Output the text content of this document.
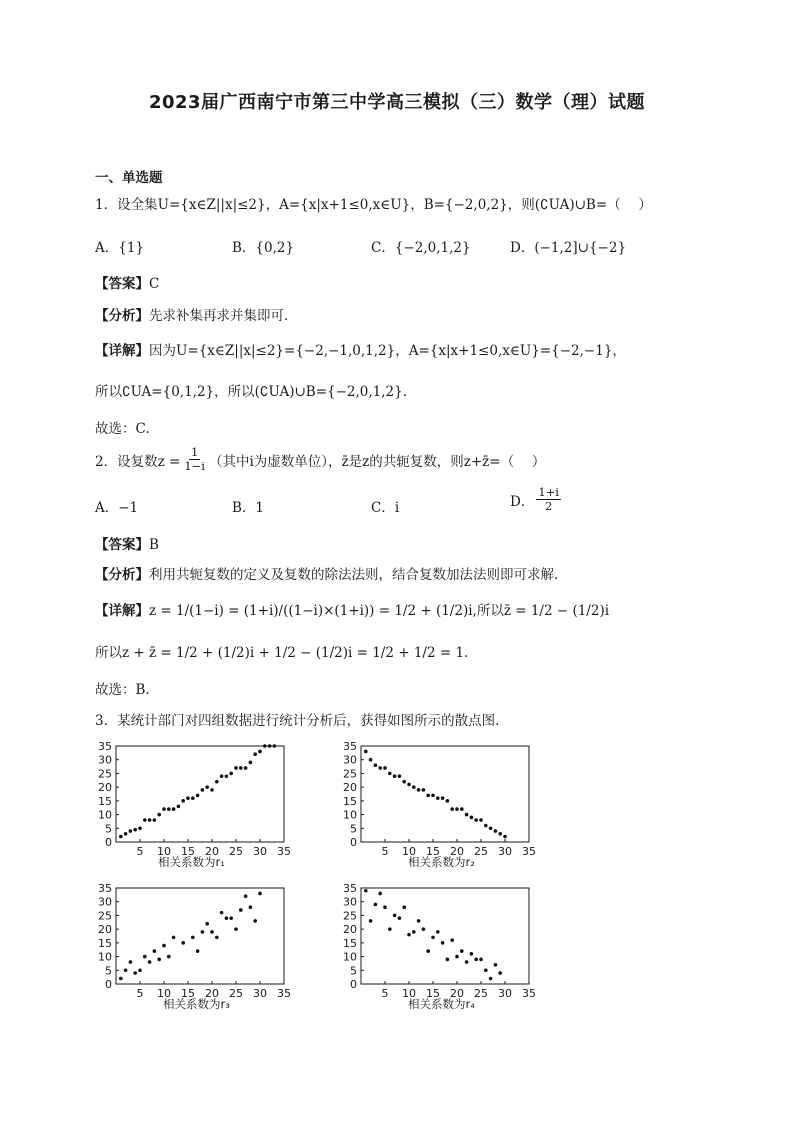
2023届广西南宁市第三中学高三模拟（三）数学（理）试题
一、单选题
1．设全集U={x∈Z||x|≤2}，A={x|x+1≤0,x∈U}，B={−2,0,2}，则(∁UA)∪B=（　 ）
A．{1}	B．{0,2}	C．{−2,0,1,2}	D．(−1,2]∪{−2}
【答案】C
【分析】先求补集再求并集即可.
【详解】因为U={x∈Z||x|≤2}={−2,−1,0,1,2}，A={x|x+1≤0,x∈U}={−2,−1}，
所以∁UA={0,1,2}，所以(∁UA)∪B={−2,0,1,2}.
故选：C.
2．设复数$z = \frac{1}{1-i}$ （其中i为虚数单位），z̄是z的共轭复数，则z+z̄=（　 ）
A．−1	B．1	C．i	D． $\frac{1+i}{2}$
【答案】B
【分析】利用共轭复数的定义及复数的除法法则，结合复数加法法则即可求解.
【详解】z = 1/(1−i) = (1+i)/((1−i)×(1+i)) = 1/2 + (1/2)i,所以z̄ = 1/2 − (1/2)i
所以z + z̄ = 1/2 + (1/2)i + 1/2 − (1/2)i = 1/2 + 1/2 = 1.
故选：B.
3．某统计部门对四组数据进行统计分析后，获得如图所示的散点图．
0
5
10
15
20
25
30
35
5 10 15 20 25 30 35
相关系数为r₁
0
5
10
15
20
25
30
35
5 10 15 20 25 30 35
相关系数为r₂
0
5
10
15
20
25
30
35
5 10 15 20 25 30 35
相关系数为r₃
0
5
10
15
20
25
30
35
5 10 15 20 25 30 35
相关系数为r₄
